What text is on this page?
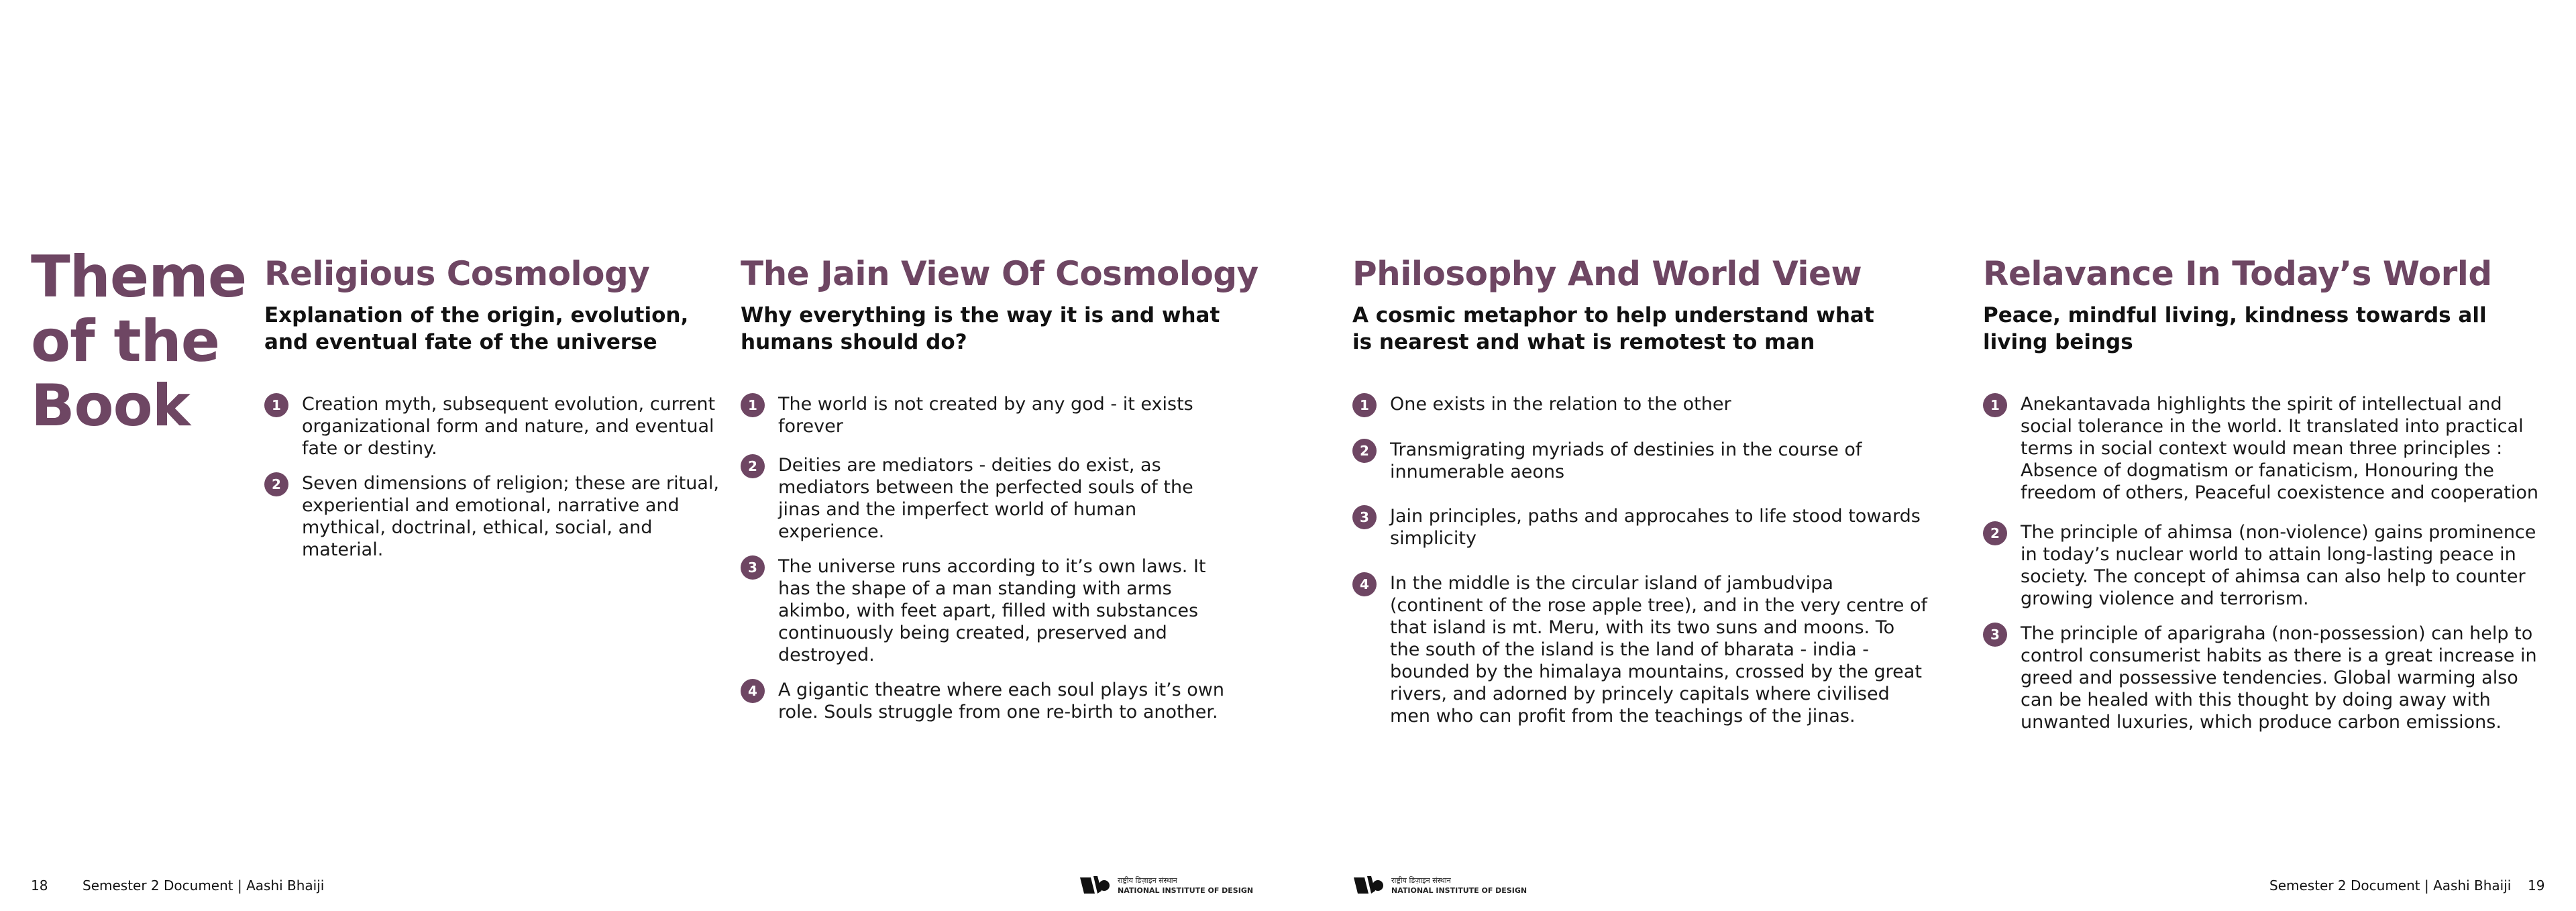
Theme of the Book
Religious Cosmology
Explanation of the origin, evolution, and eventual fate of the universe
1	Creation myth, subsequent evolution, current organizational form and nature, and eventual fate or destiny.
2	Seven dimensions of religion; these are ritual, experiential and emotional, narrative and mythical, doctrinal, ethical, social, and material.
The Jain View Of Cosmology
Why everything is the way it is and what humans should do?
1	The world is not created by any god - it exists forever
2	Deities are mediators - deities do exist, as mediators between the perfected souls of the jinas and the imperfect world of human experience.
3	The universe runs according to it’s own laws. It has the shape of a man standing with arms akimbo, with feet apart, filled with substances continuously being created, preserved and destroyed.
4	A gigantic theatre where each soul plays it’s own role. Souls struggle from one re-birth to another.
Philosophy And World View
A cosmic metaphor to help understand what is nearest and what is remotest to man
1	One exists in the relation to the other
2	Transmigrating myriads of destinies in the course of innumerable aeons
3	Jain principles, paths and approcahes to life stood towards simplicity
4	In the middle is the circular island of jambudvipa (continent of the rose apple tree), and in the very centre of that island is mt. Meru, with its two suns and moons. To the south of the island is the land of bharata - india - bounded by the himalaya mountains, crossed by the great rivers, and adorned by princely capitals where civilised men who can profit from the teachings of the jinas.
Relavance In Today’s World
Peace, mindful living, kindness towards all living beings
1	Anekantavada highlights the spirit of intellectual and social tolerance in the world. It translated into practical terms in social context would mean three principles : Absence of dogmatism or fanaticism, Honouring the freedom of others, Peaceful coexistence and cooperation
2	The principle of ahimsa (non-violence) gains prominence in today’s nuclear world to attain long-lasting peace in society. The concept of ahimsa can also help to counter growing violence and terrorism.
3	The principle of aparigraha (non-possession) can help to control consumerist habits as there is a great increase in greed and possessive tendencies. Global warming also can be healed with this thought by doing away with unwanted luxuries, which produce carbon emissions.
18	Semester 2 Document | Aashi Bhaiji	राष्ट्रीय डिज़ाइन संस्थान
NATIONAL INSTITUTE OF DESIGN
राष्ट्रीय डिज़ाइन संस्थान
NATIONAL INSTITUTE OF DESIGN	Semester 2 Document | Aashi Bhaiji 19
